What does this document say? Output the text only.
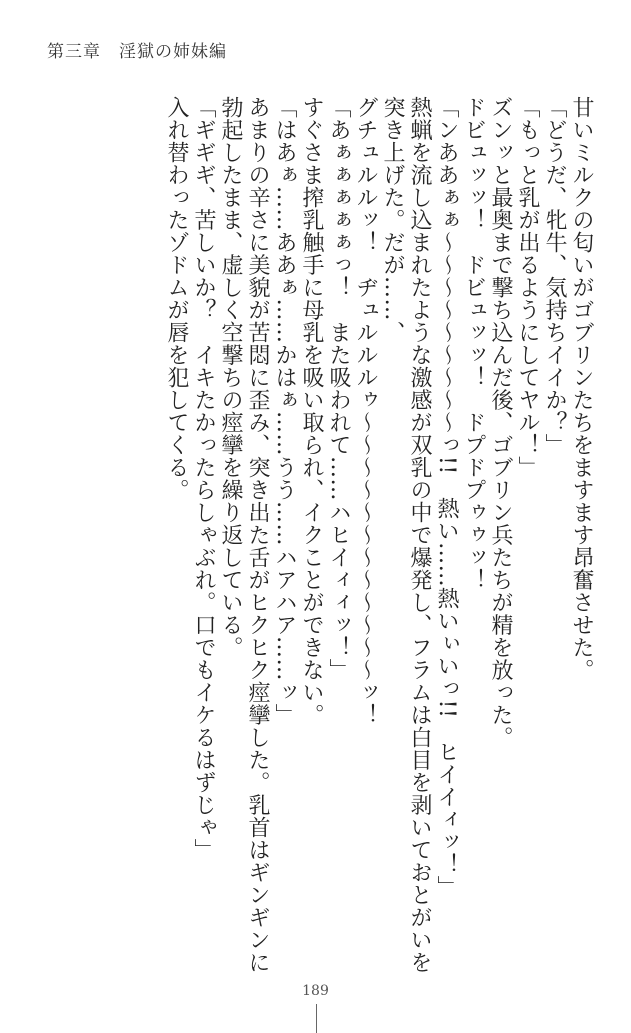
第三章　淫獄の姉妹編
甘いミルクの匂いがゴブリンたちをますます昂奮させた。
「どうだ、牝牛、気持ちイイか？」
「もっと乳が出るようにしてヤル！」
ズンッと最奥まで撃ち込んだ後、ゴブリン兵たちが精を放った。
ドビュッッ！　ドビュッッ！　ドプドプゥゥッ！
「ンああぁぁ〜〜〜〜〜〜〜〜〜っ!!　熱い……熱いぃいっ!!　ヒイイィッ！」
熱蝋を流し込まれたような激感が双乳の中で爆発し、フラムは白目を剥いておとがいを
突き上げた。だが……、
グチュルルッ！　ヂュルルルゥ〜〜〜〜〜〜〜〜〜〜〜〜ッ！
「あぁぁぁぁぁっ！　また吸われて……ハヒイィィッ！」
すぐさま搾乳触手に母乳を吸い取られ、イクことができない。
「はあぁ……ああぁ……かはぁ……うう……ハアハア……ッ」
あまりの辛さに美貌が苦悶に歪み、突き出た舌がヒクヒク痙攣した。乳首はギンギンに
勃起したまま、虚しく空撃ちの痙攣を繰り返している。
「ギギギ、苦しいか？　イキたかったらしゃぶれ。口でもイケるはずじゃ」
入れ替わったゾドムが唇を犯してくる。
189
